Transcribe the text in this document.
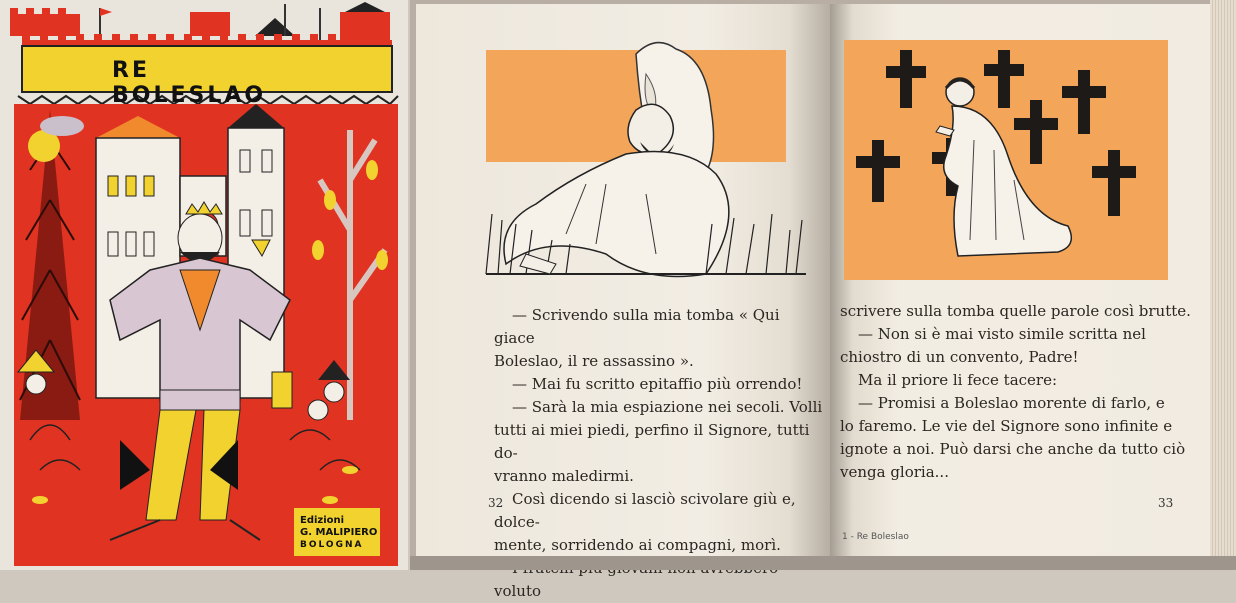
RE BOLESLAO
Edizioni
G. MALIPIERO
BOLOGNA

— Scrivendo sulla mia tomba « Qui giace

Boleslao, il re assassino ».

— Mai fu scritto epitaffio più orrendo!

— Sarà la mia espiazione nei secoli. Volli

tutti ai miei piedi, perfino il Signore, tutti do-

vranno maledirmi.

Così dicendo si lasciò scivolare giù e, dolce-

mente, sorridendo ai compagni, morì.

voluto

32

scrivere sulla tomba quelle parole così brutte.

— Non si è mai visto simile scritta nel

chiostro di un convento, Padre!

Ma il priore li fece tacere:

— Promisi a Boleslao morente di farlo, e

lo faremo. Le vie del Signore sono infinite e

ignote a noi. Può darsi che anche da tutto ciò

venga gloria...

33
1 - Re Boleslao
